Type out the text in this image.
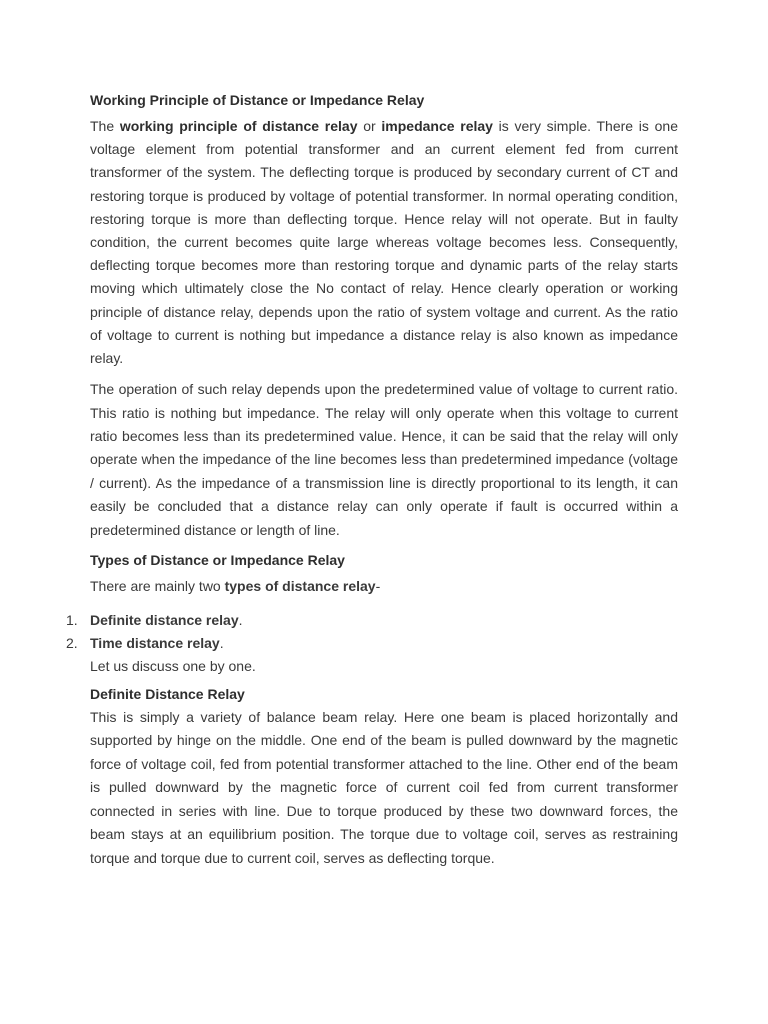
Working Principle of Distance or Impedance Relay

The working principle of distance relay or impedance relay is very simple. There is one voltage element from potential transformer and an current element fed from current transformer of the system. The deflecting torque is produced by secondary current of CT and restoring torque is produced by voltage of potential transformer. In normal operating condition, restoring torque is more than deflecting torque. Hence relay will not operate. But in faulty condition, the current becomes quite large whereas voltage becomes less. Consequently, deflecting torque becomes more than restoring torque and dynamic parts of the relay starts moving which ultimately close the No contact of relay. Hence clearly operation or working principle of distance relay, depends upon the ratio of system voltage and current. As the ratio of voltage to current is nothing but impedance a distance relay is also known as impedance relay.

The operation of such relay depends upon the predetermined value of voltage to current ratio. This ratio is nothing but impedance. The relay will only operate when this voltage to current ratio becomes less than its predetermined value. Hence, it can be said that the relay will only operate when the impedance of the line becomes less than predetermined impedance (voltage / current). As the impedance of a transmission line is directly proportional to its length, it can easily be concluded that a distance relay can only operate if fault is occurred within a predetermined distance or length of line.

Types of Distance or Impedance Relay

There are mainly two types of distance relay-

1. Definite distance relay.
2. Time distance relay.

Let us discuss one by one.

Definite Distance Relay

This is simply a variety of balance beam relay. Here one beam is placed horizontally and supported by hinge on the middle. One end of the beam is pulled downward by the magnetic force of voltage coil, fed from potential transformer attached to the line. Other end of the beam is pulled downward by the magnetic force of current coil fed from current transformer connected in series with line. Due to torque produced by these two downward forces, the beam stays at an equilibrium position. The torque due to voltage coil, serves as restraining torque and torque due to current coil, serves as deflecting torque.
